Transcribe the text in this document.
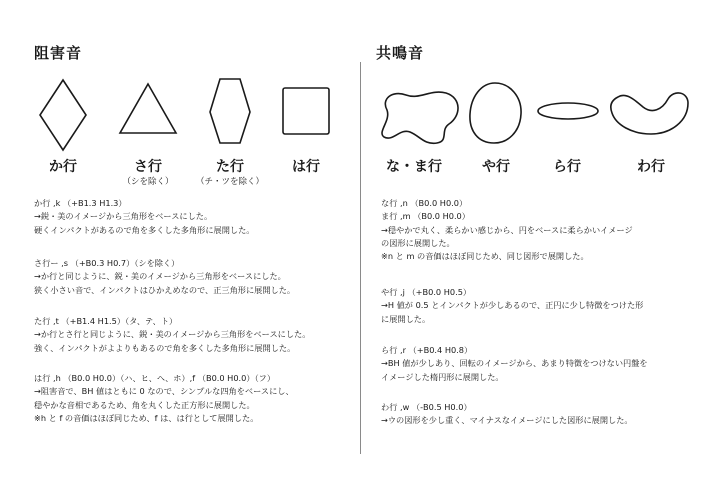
阻害音	共鳴音
か行	さ行
（シを除く）
た行
（チ・ツを除く）
は行	な・ま行	や行	ら行	わ行
か行 ,k （+B1.3 H1.3）
→鋭・美のイメージから三角形をベースにした。
硬くインパクトがあるので角を多くした多角形に展開した。
さ行ー ,s （+B0.3 H0.7）（シを除く）
→か行と同じように、鋭・美のイメージから三角形をベースにした。
狭く小さい音で、インパクトはひかえめなので、正三角形に展開した。
た行 ,t （+B1.4 H1.5）（タ、テ、ト）
→か行とさ行と同じように、鋭・美のイメージから三角形をベースにした。
強く、インパクトがよよりもあるので角を多くした多角形に展開した。
は行 ,h （B0.0 H0.0）（ハ、ヒ、ヘ、ホ）,f （B0.0 H0.0）（フ）
→阻害音で、BH 値はともに 0 なので、シンプルな四角をベースにし、
穏やかな音相であるため、角を丸くした正方形に展開した。
※h と f の音価はほぼ同じため、f は、は行として展開した。
な行 ,n （B0.0 H0.0）
ま行 ,m （B0.0 H0.0）
→穏やかで丸く、柔らかい感じから、円をベースに柔らかいイメージ
の図形に展開した。
※n と m の音価はほぼ同じため、同じ図形で展開した。
や行 ,j （+B0.0 H0.5）
→H 値が 0.5 とインパクトが少しあるので、正円に少し特徴をつけた形
に展開した。
ら行 ,r （+B0.4 H0.8）
→BH 値が少しあり、回転のイメージから、あまり特徴をつけない円盤を
イメージした楕円形に展開した。
わ行 ,w （-B0.5 H0.0）
→ウの図形を少し重く、マイナスなイメージにした図形に展開した。
